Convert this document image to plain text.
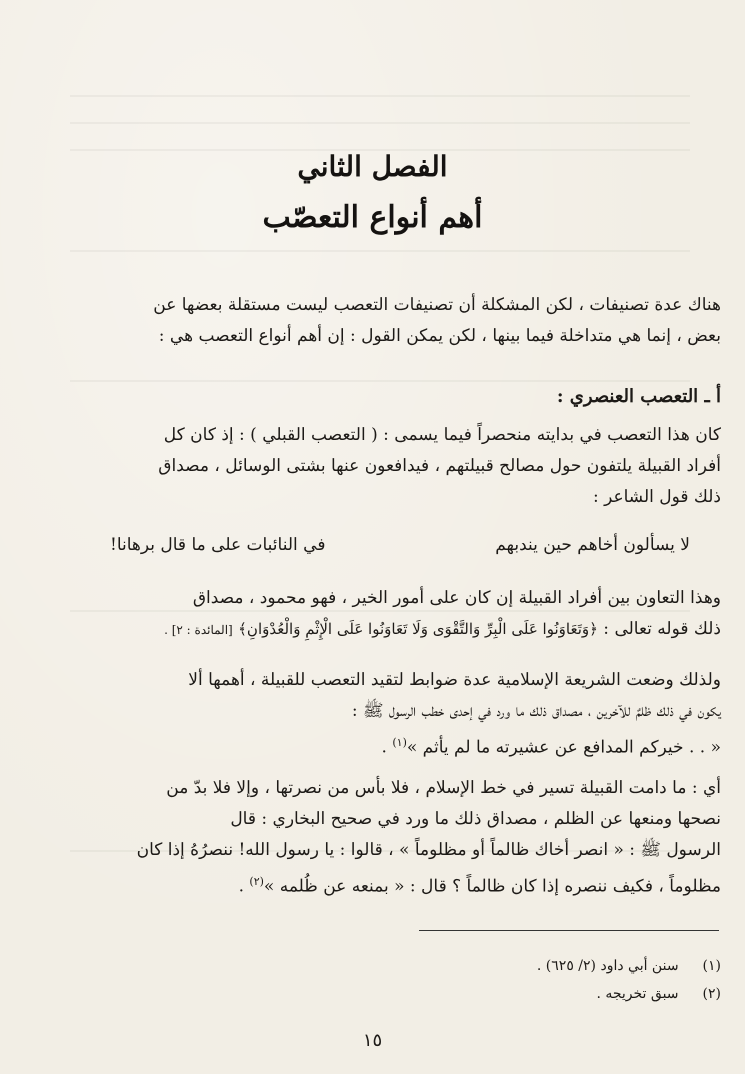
الفصل الثاني
أهم أنواع التعصّب
هناك عدة تصنيفات ، لكن المشكلة أن تصنيفات التعصب ليست مستقلة بعضها عن
بعض ، إنما هي متداخلة فيما بينها ، لكن يمكن القول : إن أهم أنواع التعصب هي :
أ ـ التعصب العنصري :
كان هذا التعصب في بدايته منحصراً فيما يسمى : ( التعصب القبلي ) : إذ كان كل
أفراد القبيلة يلتفون حول مصالح قبيلتهم ، فيدافعون عنها بشتى الوسائل ، مصداق
ذلك قول الشاعر :
لا يسألون أخاهم حين يندبهم
في النائبات على ما قال برهانا!
وهذا التعاون بين أفراد القبيلة إن كان على أمور الخير ، فهو محمود ، مصداق
ذلك قوله تعالى : ﴿وَتَعَاوَنُوا عَلَى الْبِرِّ وَالتَّقْوَى وَلَا تَعَاوَنُوا عَلَى الْإِثْمِ وَالْعُدْوَانِ﴾ [المائدة : ٢] .
ولذلك وضعت الشريعة الإسلامية عدة ضوابط لتقيد التعصب للقبيلة ، أهمها ألا
يكون في ذلك ظلمٌ للآخرين ، مصداق ذلك ما ورد في إحدى خطب الرسول ﷺ :
« . . خيركم المدافع عن عشيرته ما لم يأثم »$^{(١)}$ .
أي : ما دامت القبيلة تسير في خط الإسلام ، فلا بأس من نصرتها ، وإلا فلا بدّ من
نصحها ومنعها عن الظلم ، مصداق ذلك ما ورد في صحيح البخاري : قال
الرسول ﷺ : « انصر أخاك ظالماً أو مظلوماً » ، قالوا : يا رسول الله! ننصرُهُ إذا كان
مظلوماً ، فكيف ننصره إذا كان ظالماً ؟ قال : « بمنعه عن ظُلمه »$^{(٢)}$ .
(١) سنن أبي داود (٢/ ٦٢٥) .
(٢) سبق تخريجه .
١٥
